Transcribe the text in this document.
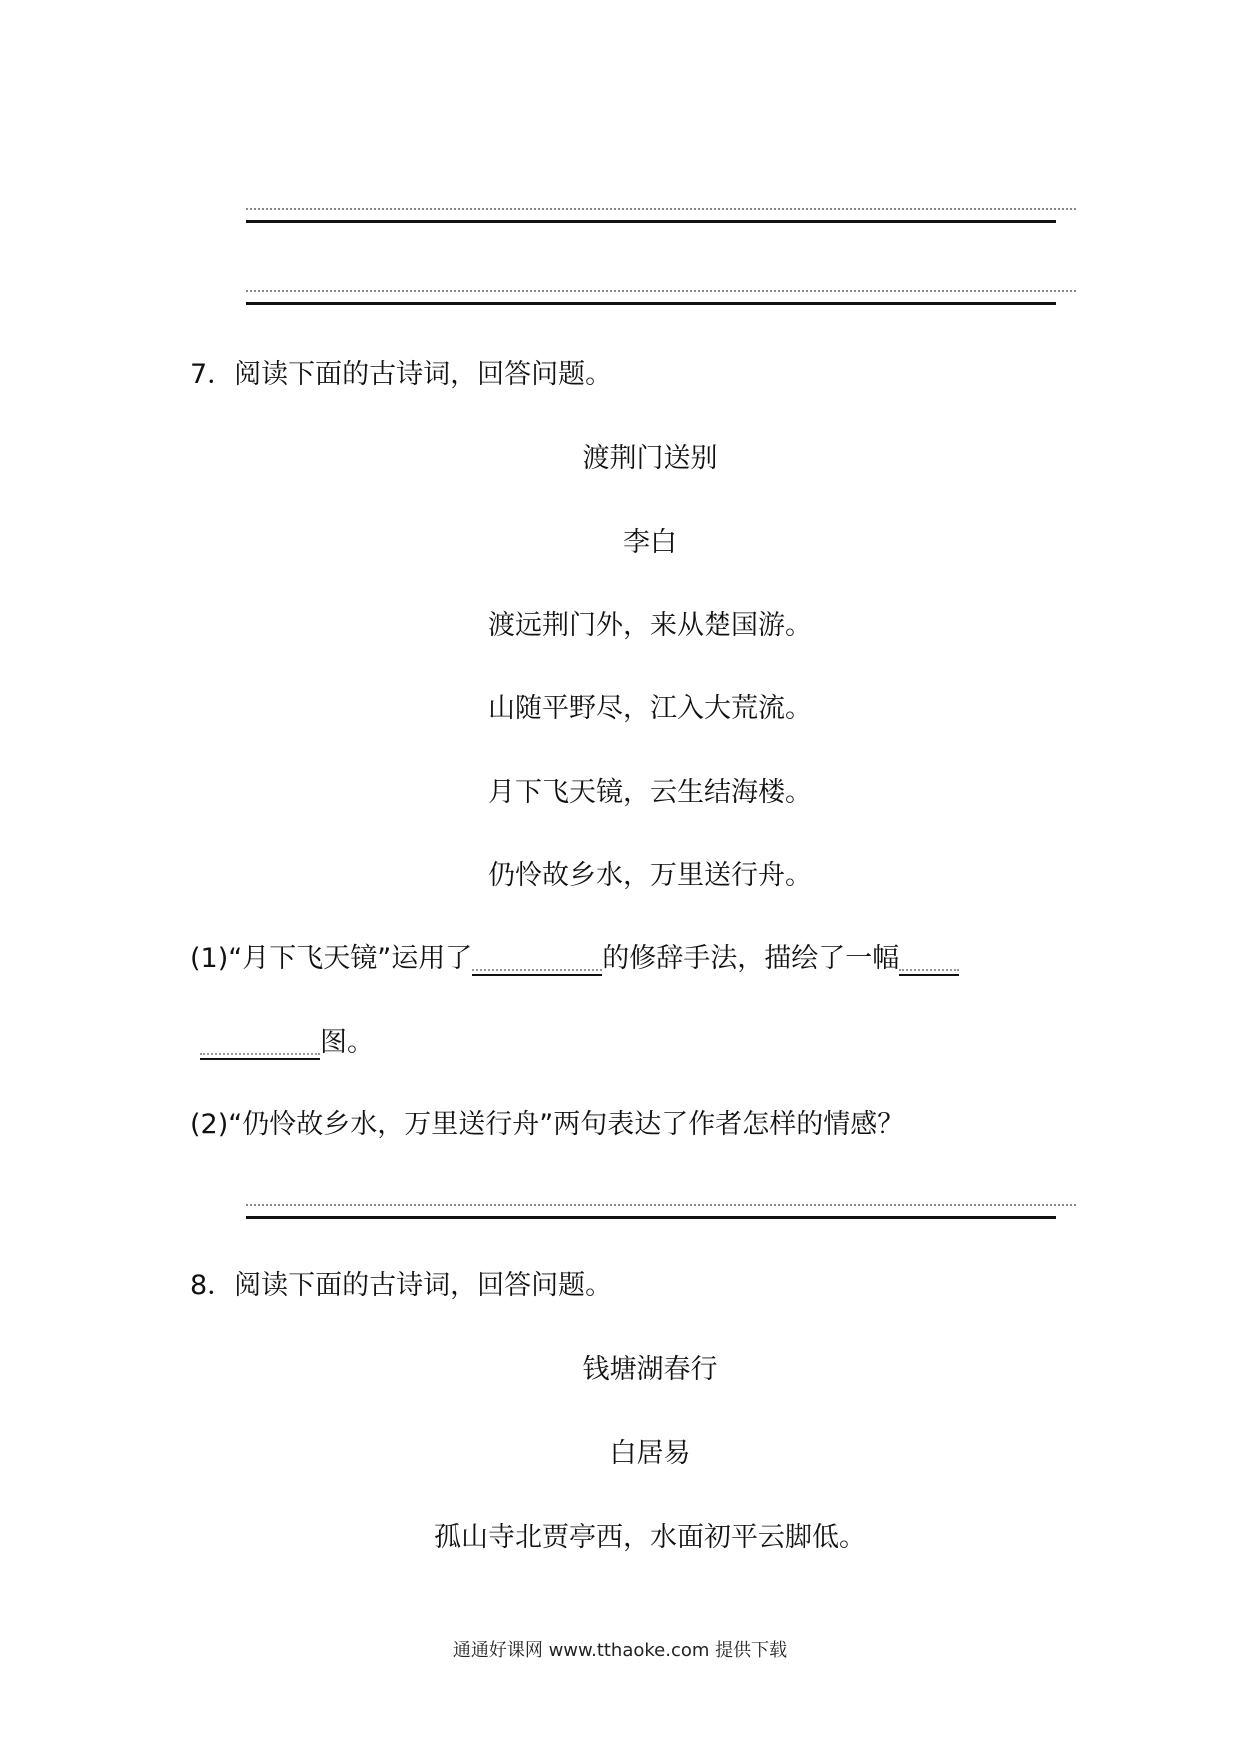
7．阅读下面的古诗词，回答问题。
渡荆门送别
李白
渡远荆门外，来从楚国游。
山随平野尽，江入大荒流。
月下飞天镜，云生结海楼。
仍怜故乡水，万里送行舟。
(1)“月下飞天镜”运用了	的修辞手法，描绘了一幅
图。
(2)“仍怜故乡水，万里送行舟”两句表达了作者怎样的情感？
8．阅读下面的古诗词，回答问题。
钱塘湖春行
白居易
孤山寺北贾亭西，水面初平云脚低。
通通好课网 www.tthaoke.com 提供下载
